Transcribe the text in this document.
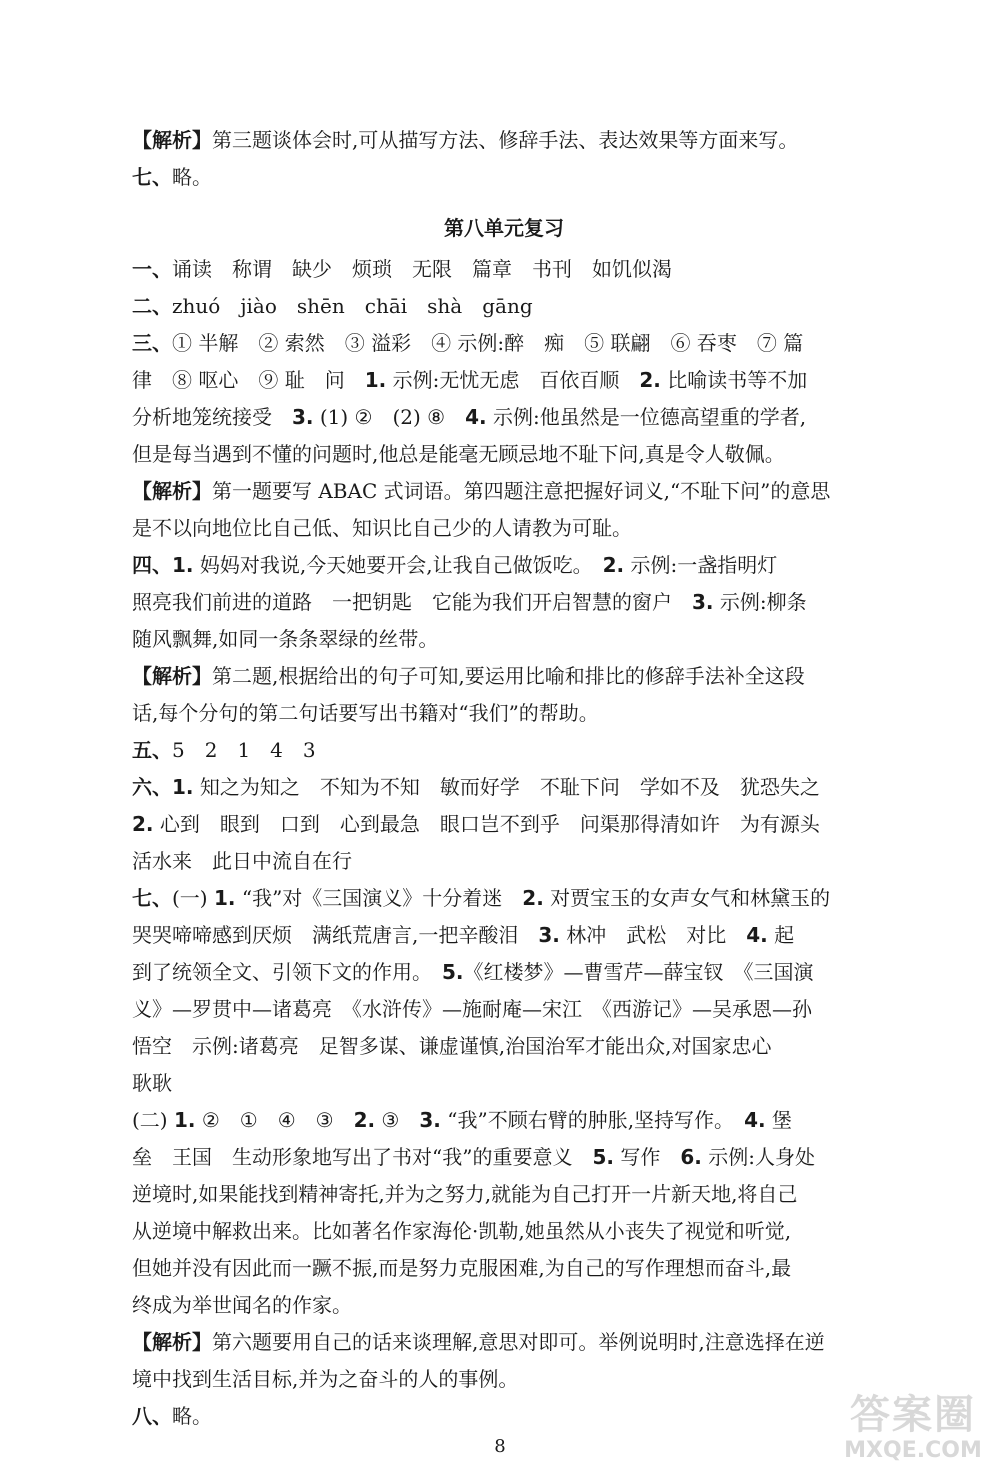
【解析】第三题谈体会时,可从描写方法、修辞手法、表达效果等方面来写。

七、略。

第八单元复习

一、诵读　称谓　缺少　烦琐　无限　篇章　书刊　如饥似渴

二、zhuó　jiào　shēn　chāi　shà　gāng

三、① 半解　② 索然　③ 溢彩　④ 示例:醉　痴　⑤ 联翩　⑥ 吞枣　⑦ 篇

律　⑧ 呕心　⑨ 耻　问　1. 示例:无忧无虑　百依百顺　2. 比喻读书等不加

分析地笼统接受　3. (1) ②　(2) ⑧　4. 示例:他虽然是一位德高望重的学者,

但是每当遇到不懂的问题时,他总是能毫无顾忌地不耻下问,真是令人敬佩。

【解析】第一题要写 ABAC 式词语。第四题注意把握好词义,“不耻下问”的意思

是不以向地位比自己低、知识比自己少的人请教为可耻。

四、1. 妈妈对我说,今天她要开会,让我自己做饭吃。　2. 示例:一盏指明灯

照亮我们前进的道路　一把钥匙　它能为我们开启智慧的窗户　3. 示例:柳条

随风飘舞,如同一条条翠绿的丝带。

【解析】第二题,根据给出的句子可知,要运用比喻和排比的修辞手法补全这段

话,每个分句的第二句话要写出书籍对“我们”的帮助。

五、5　2　1　4　3

六、1. 知之为知之　不知为不知　敏而好学　不耻下问　学如不及　犹恐失之

2. 心到　眼到　口到　心到最急　眼口岂不到乎　问渠那得清如许　为有源头

活水来　此日中流自在行

七、(一) 1. “我”对《三国演义》十分着迷　2. 对贾宝玉的女声女气和林黛玉的

哭哭啼啼感到厌烦　满纸荒唐言,一把辛酸泪　3. 林冲　武松　对比　4. 起

到了统领全文、引领下文的作用。　5.《红楼梦》—曹雪芹—薛宝钗　《三国演

义》—罗贯中—诸葛亮　《水浒传》—施耐庵—宋江　《西游记》—吴承恩—孙

悟空　示例:诸葛亮　足智多谋、谦虚谨慎,治国治军才能出众,对国家忠心

耿耿

(二) 1. ②　①　④　③　2. ③　3. “我”不顾右臂的肿胀,坚持写作。　4. 堡

垒　王国　生动形象地写出了书对“我”的重要意义　5. 写作　6. 示例:人身处

逆境时,如果能找到精神寄托,并为之努力,就能为自己打开一片新天地,将自己

从逆境中解救出来。比如著名作家海伦·凯勒,她虽然从小丧失了视觉和听觉,

但她并没有因此而一蹶不振,而是努力克服困难,为自己的写作理想而奋斗,最

终成为举世闻名的作家。

【解析】第六题要用自己的话来谈理解,意思对即可。举例说明时,注意选择在逆

境中找到生活目标,并为之奋斗的人的事例。

八、略。

8
答案圈
MXQE.COM
